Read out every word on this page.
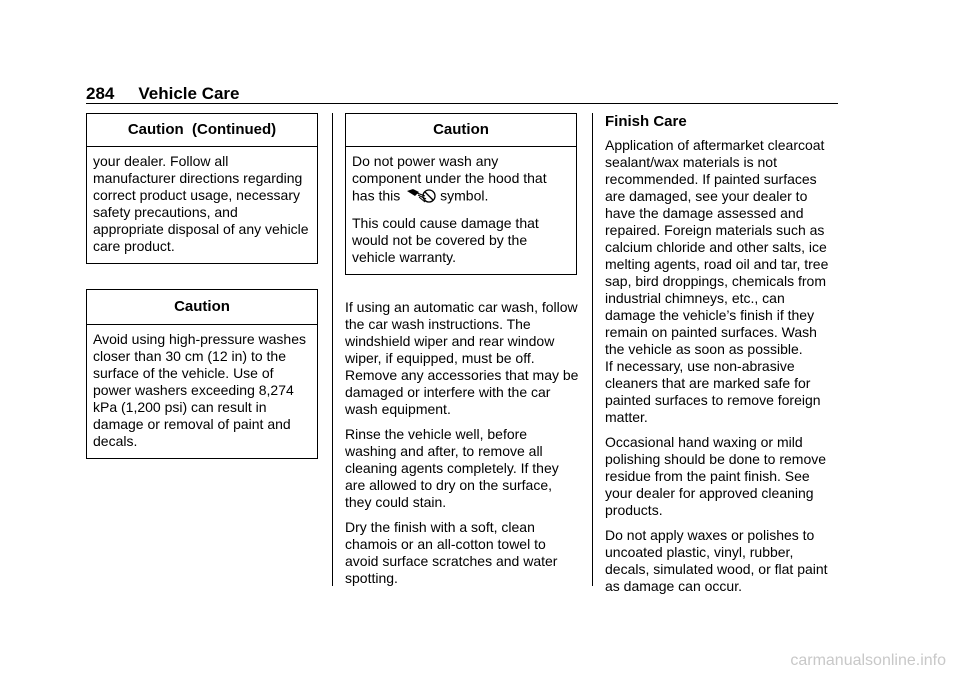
284 Vehicle Care
Caution  (Continued)

your dealer. Follow all manufacturer directions regarding correct product usage, necessary safety precautions, and appropriate disposal of any vehicle care product.

Caution

Avoid using high-pressure washes closer than 30 cm (12 in) to the surface of the vehicle. Use of power washers exceeding 8,274 kPa (1,200 psi) can result in damage or removal of paint and decals.

Caution

Do not power wash any component under the hood that
has this	symbol.

This could cause damage that would not be covered by the vehicle warranty.

If using an automatic car wash, follow the car wash instructions. The windshield wiper and rear window wiper, if equipped, must be off. Remove any accessories that may be damaged or interfere with the car wash equipment.

Rinse the vehicle well, before washing and after, to remove all cleaning agents completely. If they are allowed to dry on the surface, they could stain.

Dry the finish with a soft, clean chamois or an all-cotton towel to avoid surface scratches and water spotting.

Finish Care

Application of aftermarket clearcoat sealant/wax materials is not recommended. If painted surfaces are damaged, see your dealer to have the damage assessed and repaired. Foreign materials such as calcium chloride and other salts, ice melting agents, road oil and tar, tree sap, bird droppings, chemicals from industrial chimneys, etc., can damage the vehicle’s finish if they remain on painted surfaces. Wash the vehicle as soon as possible.

If necessary, use non-abrasive cleaners that are marked safe for painted surfaces to remove foreign matter.

Occasional hand waxing or mild polishing should be done to remove residue from the paint finish. See your dealer for approved cleaning products.

Do not apply waxes or polishes to uncoated plastic, vinyl, rubber, decals, simulated wood, or flat paint as damage can occur.

carmanualsonline.info
